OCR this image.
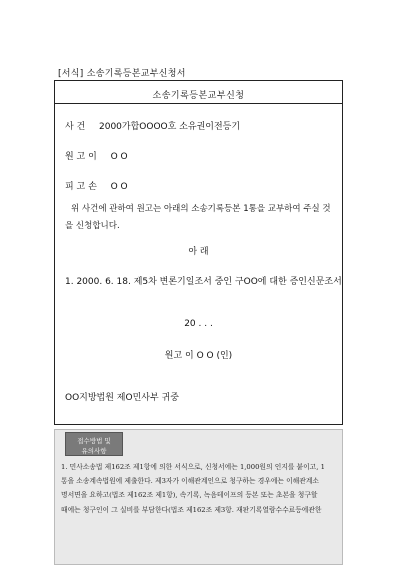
[서식] 소송기록등본교부신청서
소송기록등본교부신청
사 건 2000가합OOOO호 소유권이전등기
원 고 이 O O
피 고 손 O O
위 사건에 관하여 원고는 아래의 소송기록등본 1통을 교부하여 주실 것을 신청합니다.
아 래
1. 2000. 6. 18. 제5차 변론기일조서 중인 구OO에 대한 증인신문조서
20 . . .
원고 이 O O (인)
OO지방법원 제O민사부 귀중
접수방법 및
유의사항
1. 민사소송법 제162조 제1항에 의한 서식으로, 신청서에는 1,000원의 인지를 붙이고, 1
통을 소송계속법원에 제출한다. 제3자가 이해관계인으로 청구하는 경우에는 이해관계소
명서면을 요하고(법조 제162조 제1항), 속기록, 녹음테이프의 등본 또는 초본을 청구할
때에는 청구인이 그 실비를 부담한다(법조 제162조 제3항. 재판기록열람수수료등에관한
